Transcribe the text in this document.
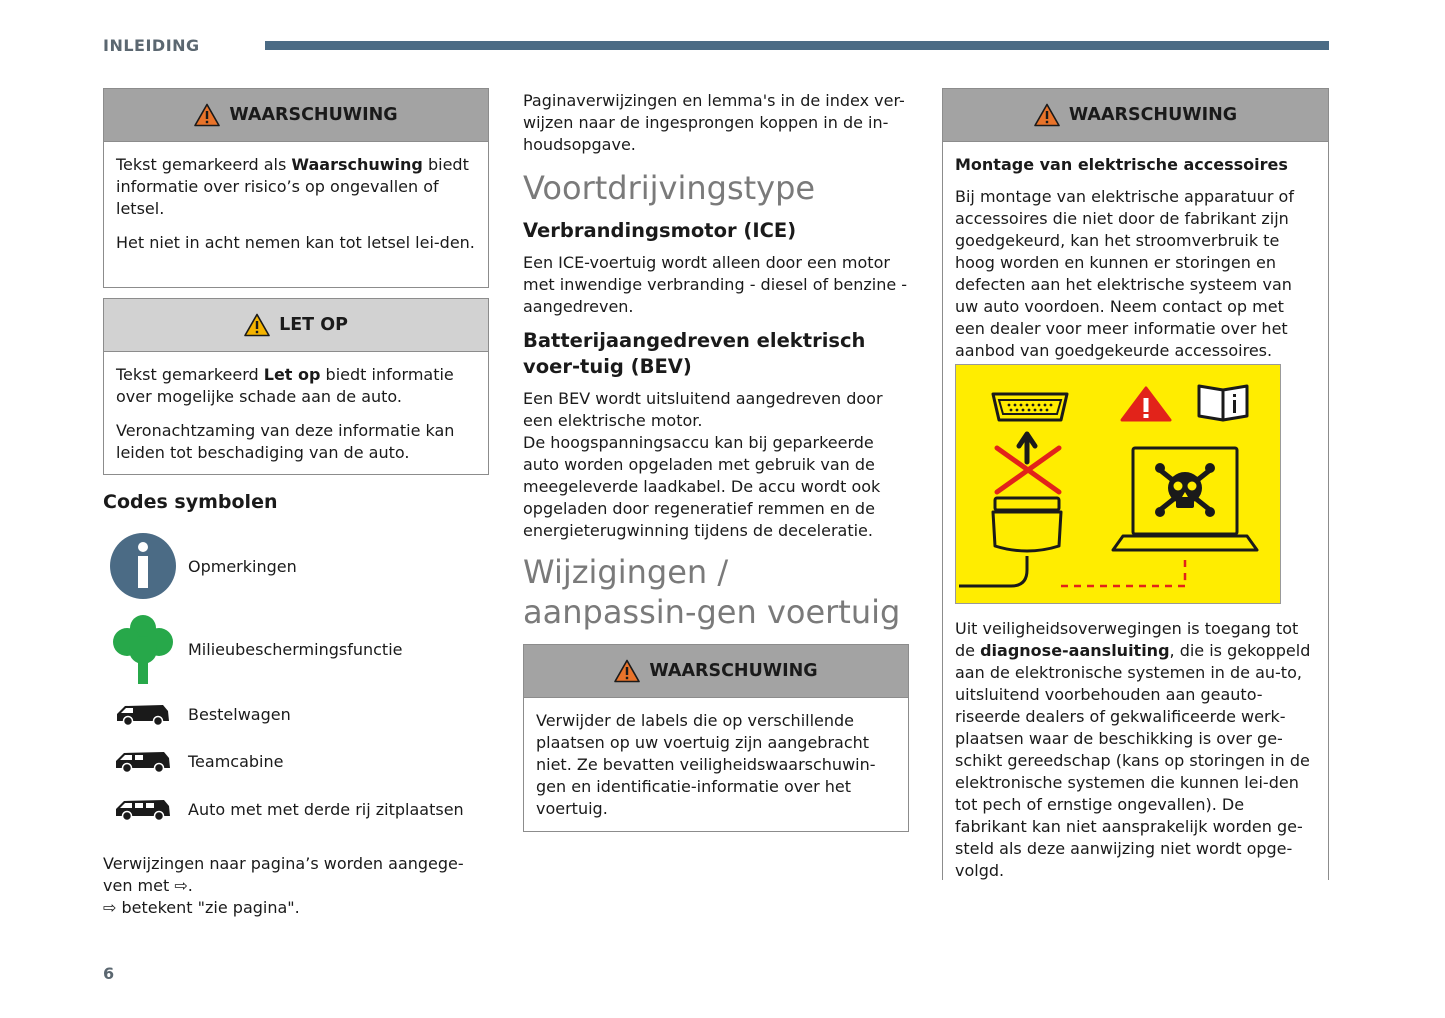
INLEIDING
WAARSCHUWING

Tekst gemarkeerd als Waarschuwing biedt informatie over risico’s op ongevallen of letsel.

Het niet in acht nemen kan tot letsel lei-den.

LET OP

Tekst gemarkeerd Let op biedt informatie over mogelijke schade aan de auto.

Veronachtzaming van deze informatie kan leiden tot beschadiging van de auto.

Codes symbolen
Opmerkingen
Milieubeschermingsfunctie
Bestelwagen
Teamcabine
Auto met met derde rij zitplaatsen

Verwijzingen naar pagina’s worden aangege-ven met ⇨.

⇨ betekent "zie pagina".

Paginaverwijzingen en lemma's in de index ver-wijzen naar de ingesprongen koppen in de in-houdsopgave.

Voortdrijvingstype
Verbrandingsmotor (ICE)

Een ICE-voertuig wordt alleen door een motor met inwendige verbranding - diesel of benzine - aangedreven.

Batterijaangedreven elektrisch voer-tuig (BEV)

Een BEV wordt uitsluitend aangedreven door een elektrische motor.

De hoogspanningsaccu kan bij geparkeerde auto worden opgeladen met gebruik van de meegeleverde laadkabel. De accu wordt ook opgeladen door regeneratief remmen en de energieterugwinning tijdens de deceleratie.

Wijzigingen / aanpassin-gen voertuig
WAARSCHUWING

Verwijder de labels die op verschillende plaatsen op uw voertuig zijn aangebracht niet. Ze bevatten veiligheidswaarschuwin-gen en identificatie-informatie over het voertuig.

WAARSCHUWING

Montage van elektrische accessoires

Bij montage van elektrische apparatuur of accessoires die niet door de fabrikant zijn goedgekeurd, kan het stroomverbruik te hoog worden en kunnen er storingen en defecten aan het elektrische systeem van uw auto voordoen. Neem contact op met een dealer voor meer informatie over het aanbod van goedgekeurde accessoires.

Uit veiligheidsoverwegingen is toegang tot de diagnose-aansluiting, die is gekoppeld aan de elektronische systemen in de au-to, uitsluitend voorbehouden aan geauto-riseerde dealers of gekwalificeerde werk-plaatsen waar de beschikking is over ge-schikt gereedschap (kans op storingen in de elektronische systemen die kunnen lei-den tot pech of ernstige ongevallen). De fabrikant kan niet aansprakelijk worden ge-steld als deze aanwijzing niet wordt opge-volgd.

6
